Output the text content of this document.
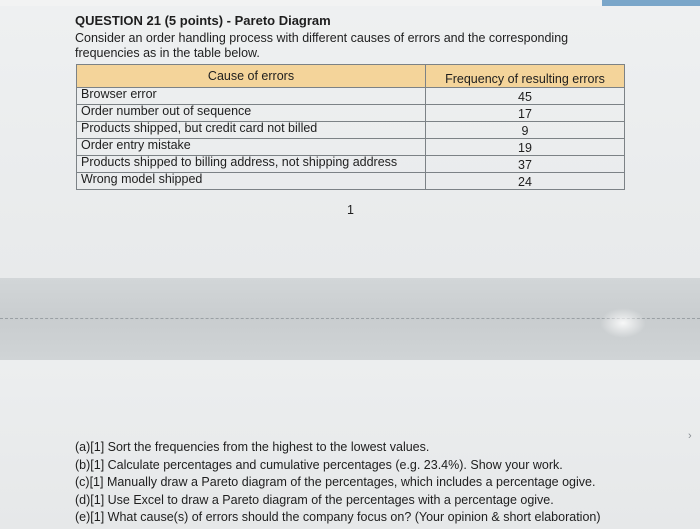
QUESTION 21 (5 points) - Pareto Diagram
Consider an order handling process with different causes of errors and the corresponding frequencies as in the table below.
Cause of errors	Frequency of resulting errors
Browser error	45
Order number out of sequence	17
Products shipped, but credit card not billed	9
Order entry mistake	19
Products shipped to billing address, not shipping address	37
Wrong model shipped	24
1
(a)[1] Sort the frequencies from the highest to the lowest values.
(b)[1] Calculate percentages and cumulative percentages (e.g. 23.4%). Show your work.
(c)[1] Manually draw a Pareto diagram of the percentages, which includes a percentage ogive.
(d)[1] Use Excel to draw a Pareto diagram of the percentages with a percentage ogive.
(e)[1] What cause(s) of errors should the company focus on? (Your opinion & short elaboration)
›
